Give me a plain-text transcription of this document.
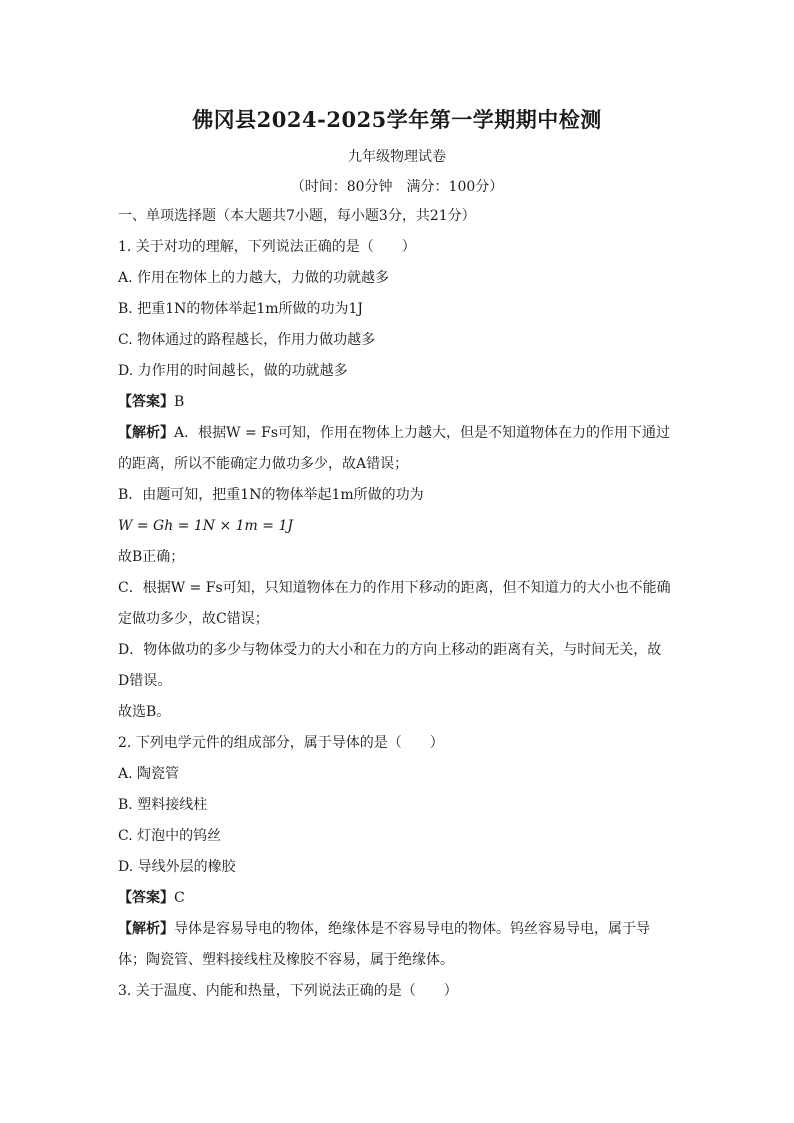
佛冈县2024-2025学年第一学期期中检测
九年级物理试卷
（时间：80分钟　满分：100分）
一、单项选择题（本大题共7小题，每小题3分，共21分）
1. 关于对功的理解，下列说法正确的是（　　）
A. 作用在物体上的力越大，力做的功就越多
B. 把重1N的物体举起1m所做的功为1J
C. 物体通过的路程越长，作用力做功越多
D. 力作用的时间越长，做的功就越多
【答案】B
【解析】A．根据W = Fs可知，作用在物体上力越大，但是不知道物体在力的作用下通过
的距离，所以不能确定力做功多少，故A错误；
B．由题可知，把重1N的物体举起1m所做的功为
W = Gh = 1N × 1m = 1J
故B正确；
C．根据W = Fs可知，只知道物体在力的作用下移动的距离，但不知道力的大小也不能确
定做功多少，故C错误；
D．物体做功的多少与物体受力的大小和在力的方向上移动的距离有关，与时间无关，故
D错误。
故选B。
2. 下列电学元件的组成部分，属于导体的是（　　）
A. 陶瓷管
B. 塑料接线柱
C. 灯泡中的钨丝
D. 导线外层的橡胶
【答案】C
【解析】导体是容易导电的物体，绝缘体是不容易导电的物体。钨丝容易导电，属于导
体；陶瓷管、塑料接线柱及橡胶不容易，属于绝缘体。
3. 关于温度、内能和热量，下列说法正确的是（　　）
